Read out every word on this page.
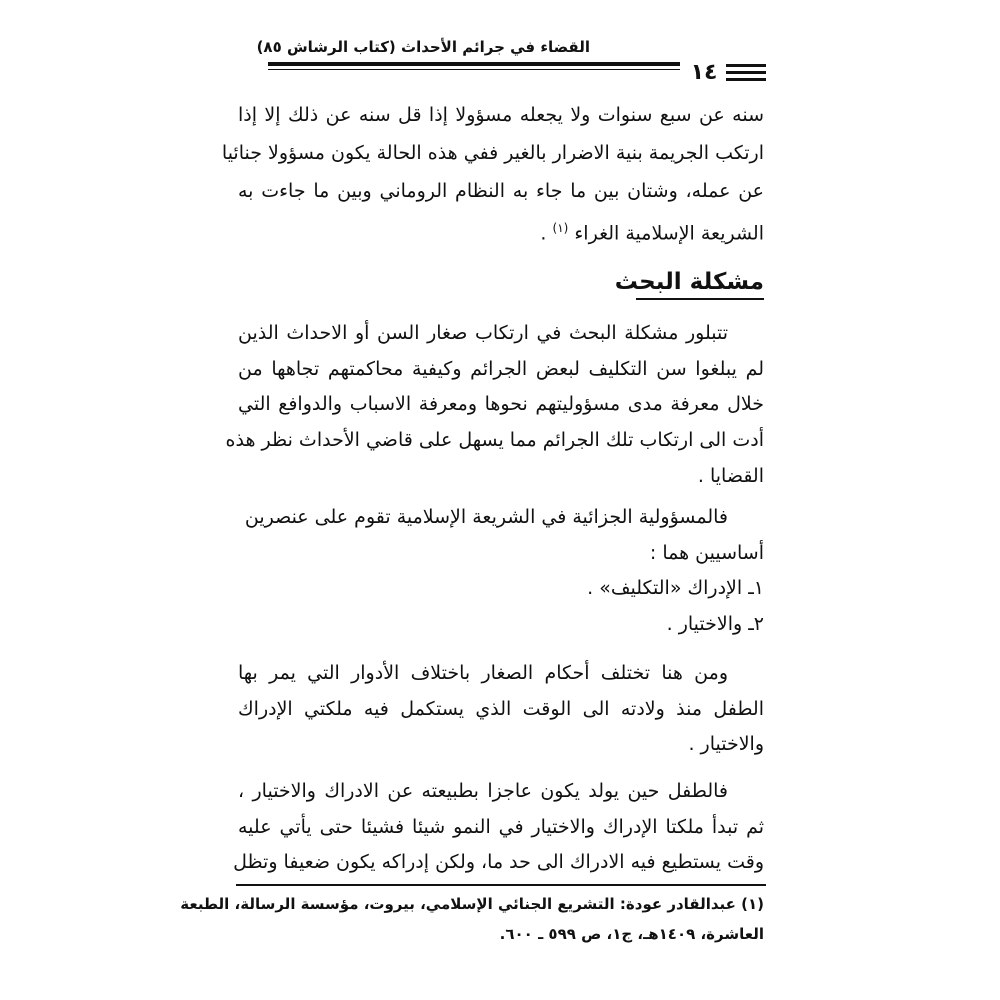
القضاء في جرائم الأحداث (كتاب الرشاش ٨٥)
١٤
سنه عن سبع سنوات ولا يجعله مسؤولا إذا قل سنه عن ذلك إلا إذا
ارتكب الجريمة بنية الاضرار بالغير ففي هذه الحالة يكون مسؤولا جنائيا
عن عمله، وشتان بين ما جاء به النظام الروماني وبين ما جاءت به
الشريعة الإسلامية الغراء $^{(١)}$ .
مشكلة البحث
تتبلور مشكلة البحث في ارتكاب صغار السن أو الاحداث الذين
لم يبلغوا سن التكليف لبعض الجرائم وكيفية محاكمتهم تجاهها من
خلال معرفة مدى مسؤوليتهم نحوها ومعرفة الاسباب والدوافع التي
أدت الى ارتكاب تلك الجرائم مما يسهل على قاضي الأحداث نظر هذه
القضايا .
فالمسؤولية الجزائية في الشريعة الإسلامية تقوم على عنصرين
أساسيين هما :
١ـ الإدراك «التكليف» .
٢ـ والاختيار .
ومن هنا تختلف أحكام الصغار باختلاف الأدوار التي يمر بها
الطفل منذ ولادته الى الوقت الذي يستكمل فيه ملكتي الإدراك
والاختيار .
فالطفل حين يولد يكون عاجزا بطبيعته عن الادراك والاختيار ،
ثم تبدأ ملكتا الإدراك والاختيار في النمو شيئا فشيئا حتى يأتي عليه
وقت يستطيع فيه الادراك الى حد ما، ولكن إدراكه يكون ضعيفا وتظل
(١) عبدالقادر عودة: التشريع الجنائي الإسلامي، بيروت، مؤسسة الرسالة، الطبعة
العاشرة، ١٤٠٩هـ، ج١، ص ٥٩٩ ـ ٦٠٠.
